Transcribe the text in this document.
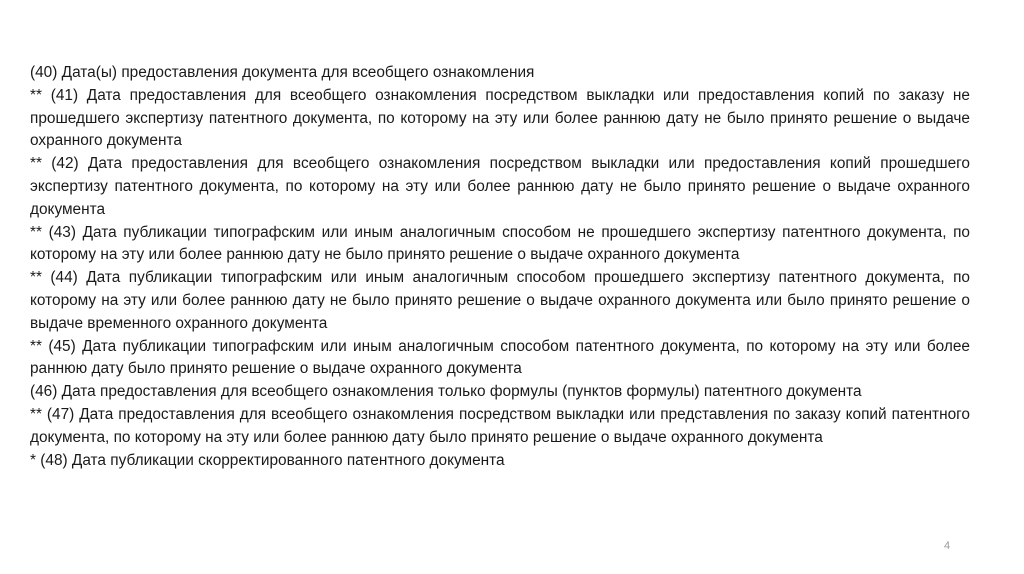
(40) Дата(ы) предоставления документа для всеобщего ознакомления

** (41) Дата предоставления для всеобщего ознакомления посредством выкладки или предоставления копий по заказу не прошедшего экспертизу патентного документа, по которому на эту или более раннюю дату не было принято решение о выдаче охранного документа

** (42) Дата предоставления для всеобщего ознакомления посредством выкладки или предоставления копий прошедшего экспертизу патентного документа, по которому на эту или более раннюю дату не было принято решение о выдаче охранного документа

** (43) Дата публикации типографским или иным аналогичным способом не прошедшего экспертизу патентного документа, по которому на эту или более раннюю дату не было принято решение о выдаче охранного документа

** (44) Дата публикации типографским или иным аналогичным способом прошедшего экспертизу патентного документа, по которому на эту или более раннюю дату не было принято решение о выдаче охранного документа или было принято решение о выдаче временного охранного документа

** (45) Дата публикации типографским или иным аналогичным способом патентного документа, по которому на эту или более раннюю дату было принято решение о выдаче охранного документа

(46) Дата предоставления для всеобщего ознакомления только формулы (пунктов формулы) патентного документа

** (47) Дата предоставления для всеобщего ознакомления посредством выкладки или представления по заказу копий патентного документа, по которому на эту или более раннюю дату было принято решение о выдаче охранного документа

* (48) Дата публикации скорректированного патентного документа

4
